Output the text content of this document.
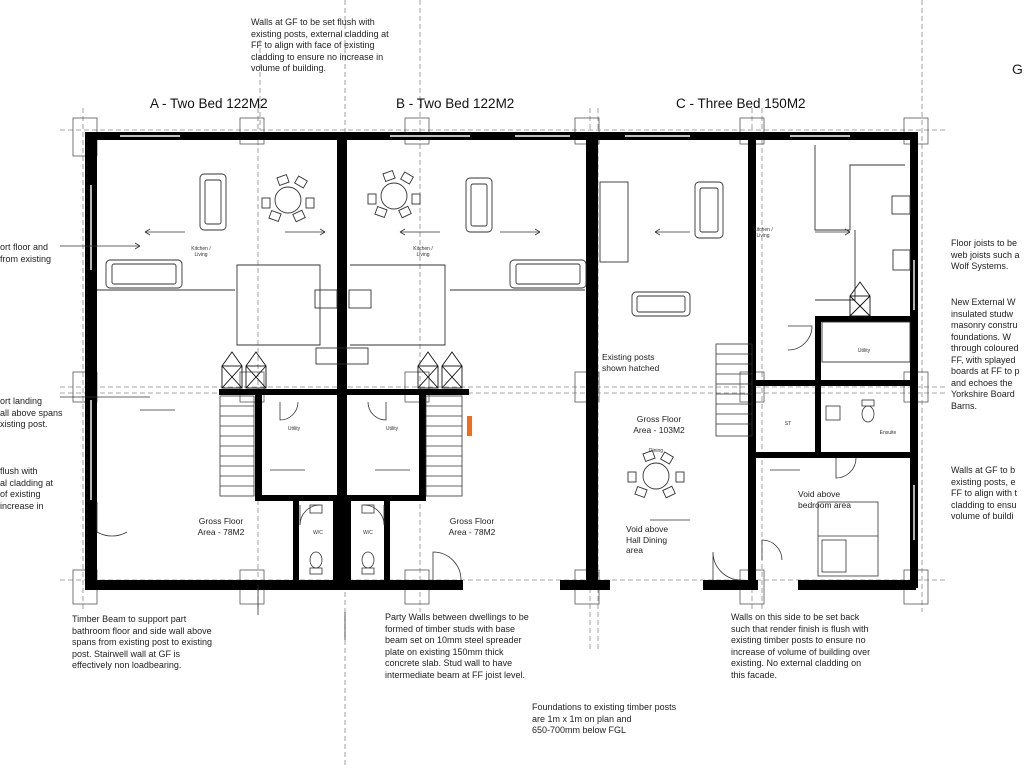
A - Two Bed 122M2	B - Two Bed 122M2	C - Three Bed 150M2
Kitchen /
Living
Kitchen /
Living
Kitchen /
Living
Utility	Utility
Utility
W/C	W/C
ST
Ensuite
Dining
Gross Floor
Area - 78M2
Gross Floor
Area - 78M2
Gross Floor
Area - 103M2
Existing posts
shown hatched
Void above
Hall Dining
area
Void above
bedroom area
Walls at GF to be set flush with
existing posts, external cladding at
FF to align with face of existing
cladding to ensure no increase in
volume of building.
ort floor and
from existing
ort landing
all above spans
xisting post.
flush with
al cladding at
of existing
increase in
Timber Beam to support part
bathroom floor and side wall above
spans from existing post to existing
post. Stairwell wall at GF is
effectively non loadbearing.
Party Walls between dwellings to be
formed of timber studs with base
beam set on 10mm steel spreader
plate on existing 150mm thick
concrete slab. Stud wall to have
intermediate beam at FF joist level.
Walls on this side to be set back
such that render finish is flush with
existing timber posts to ensure no
increase of volume of building over
existing. No external cladding on
this facade.
Foundations to existing timber posts
are 1m x 1m on plan and
650-700mm below FGL
Floor joists to be
web joists such a
Wolf Systems.
New External W
insulated studw
masonry constru
foundations. W
through coloured
FF, with splayed
boards at FF to p
and echoes the
Yorkshire Board
Barns.
Walls at GF to b
existing posts, e
FF to align with t
cladding to ensu
volume of buildi
G
